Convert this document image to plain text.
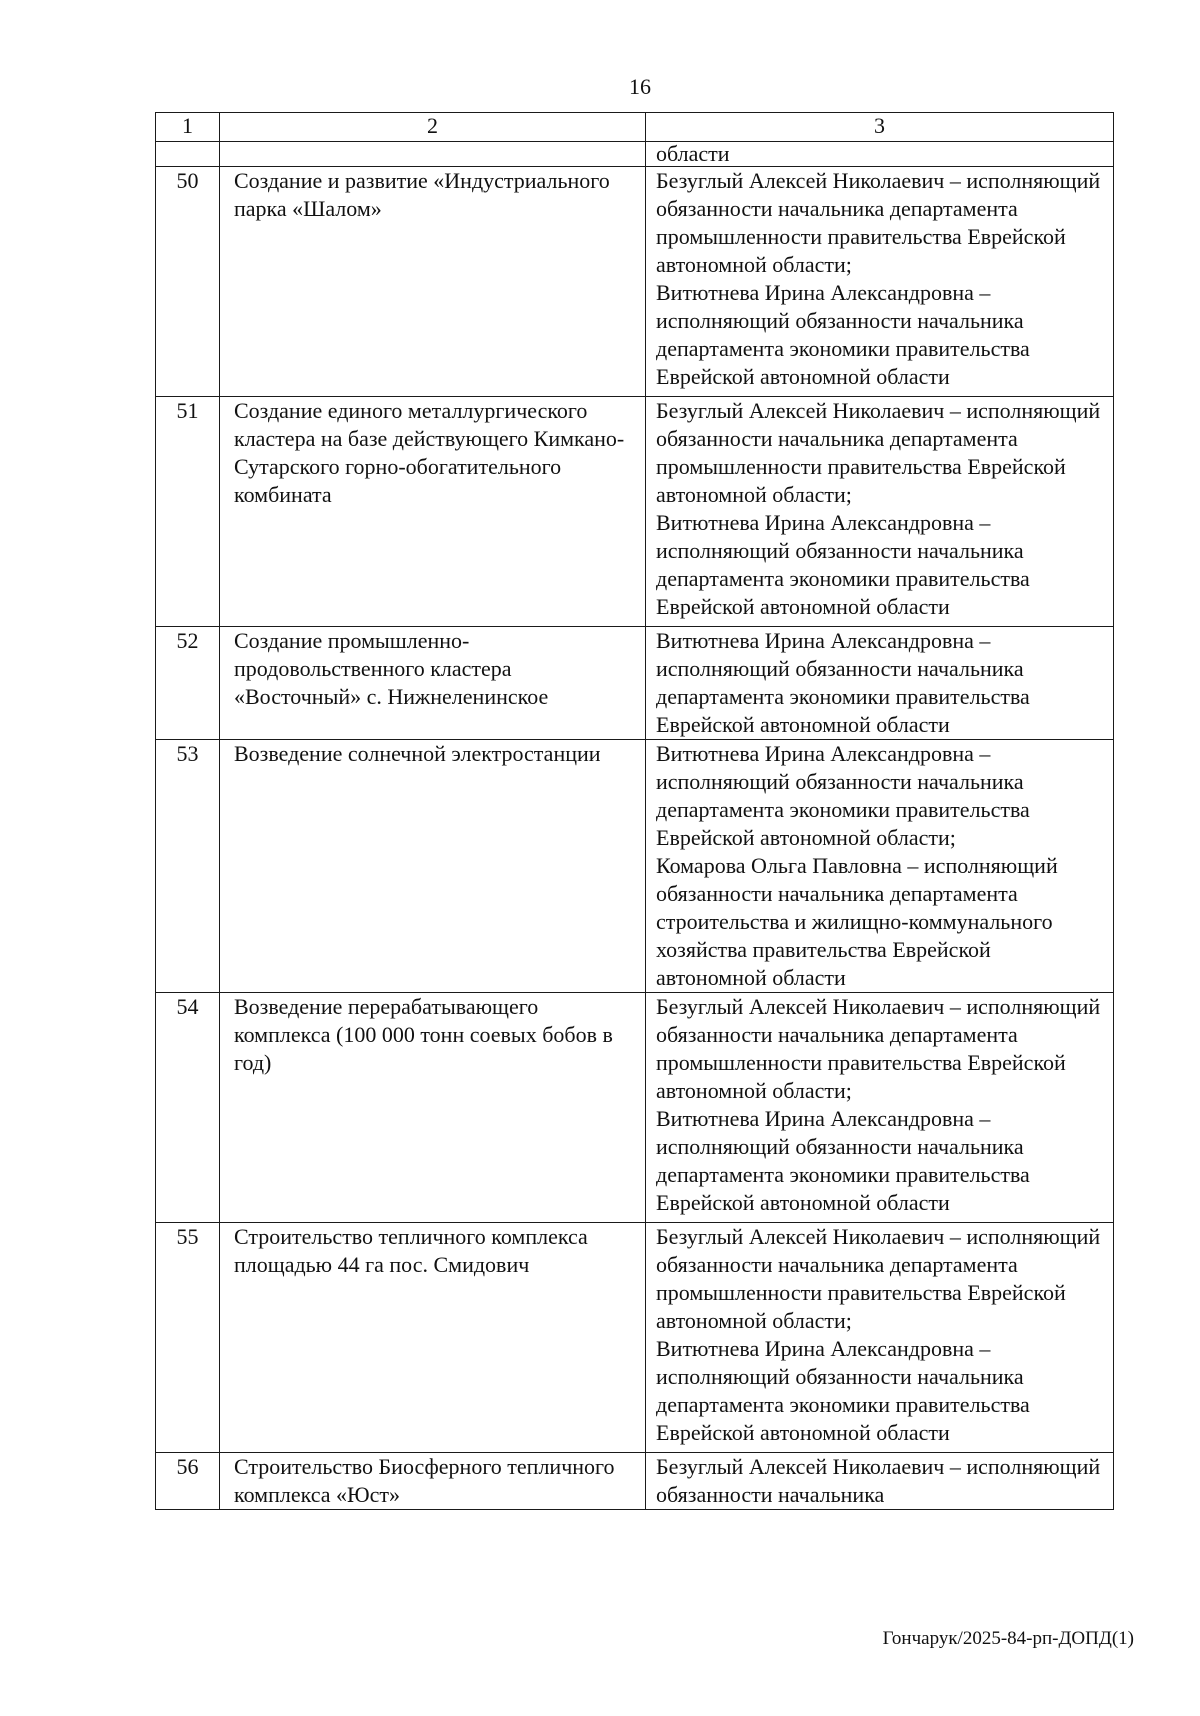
16
1	2	3
		области
50	Создание и развитие «Индустриального парка «Шалом»	Безуглый Алексей Николаевич – исполняющий обязанности начальника департамента промышленности правительства Еврейской автономной области;
Витютнева Ирина Александровна – исполняющий обязанности начальника департамента экономики правительства Еврейской автономной области

51	Создание единого металлургического кластера на базе действующего Кимкано-Сутарского горно-обогатительного комбината	Безуглый Алексей Николаевич – исполняющий обязанности начальника департамента промышленности правительства Еврейской автономной области;
Витютнева Ирина Александровна – исполняющий обязанности начальника департамента экономики правительства Еврейской автономной области

52	Создание промышленно-продовольственного кластера «Восточный» с. Нижнеленинское	Витютнева Ирина Александровна – исполняющий обязанности начальника департамента экономики правительства Еврейской автономной области

53	Возведение солнечной электростанции	Витютнева Ирина Александровна – исполняющий обязанности начальника департамента экономики правительства Еврейской автономной области;
Комарова Ольга Павловна – исполняющий обязанности начальника департамента строительства и жилищно-коммунального хозяйства правительства Еврейской автономной области

54	Возведение перерабатывающего комплекса (100 000 тонн соевых бобов в год)	Безуглый Алексей Николаевич – исполняющий обязанности начальника департамента промышленности правительства Еврейской автономной области;
Витютнева Ирина Александровна – исполняющий обязанности начальника департамента экономики правительства Еврейской автономной области

55	Строительство тепличного комплекса площадью 44 га пос. Смидович	Безуглый Алексей Николаевич – исполняющий обязанности начальника департамента промышленности правительства Еврейской автономной области;
Витютнева Ирина Александровна – исполняющий обязанности начальника департамента экономики правительства Еврейской автономной области

56	Строительство Биосферного тепличного комплекса «Юст»	Безуглый Алексей Николаевич – исполняющий обязанности начальника
Гончарук/2025-84-рп-ДОПД(1)
